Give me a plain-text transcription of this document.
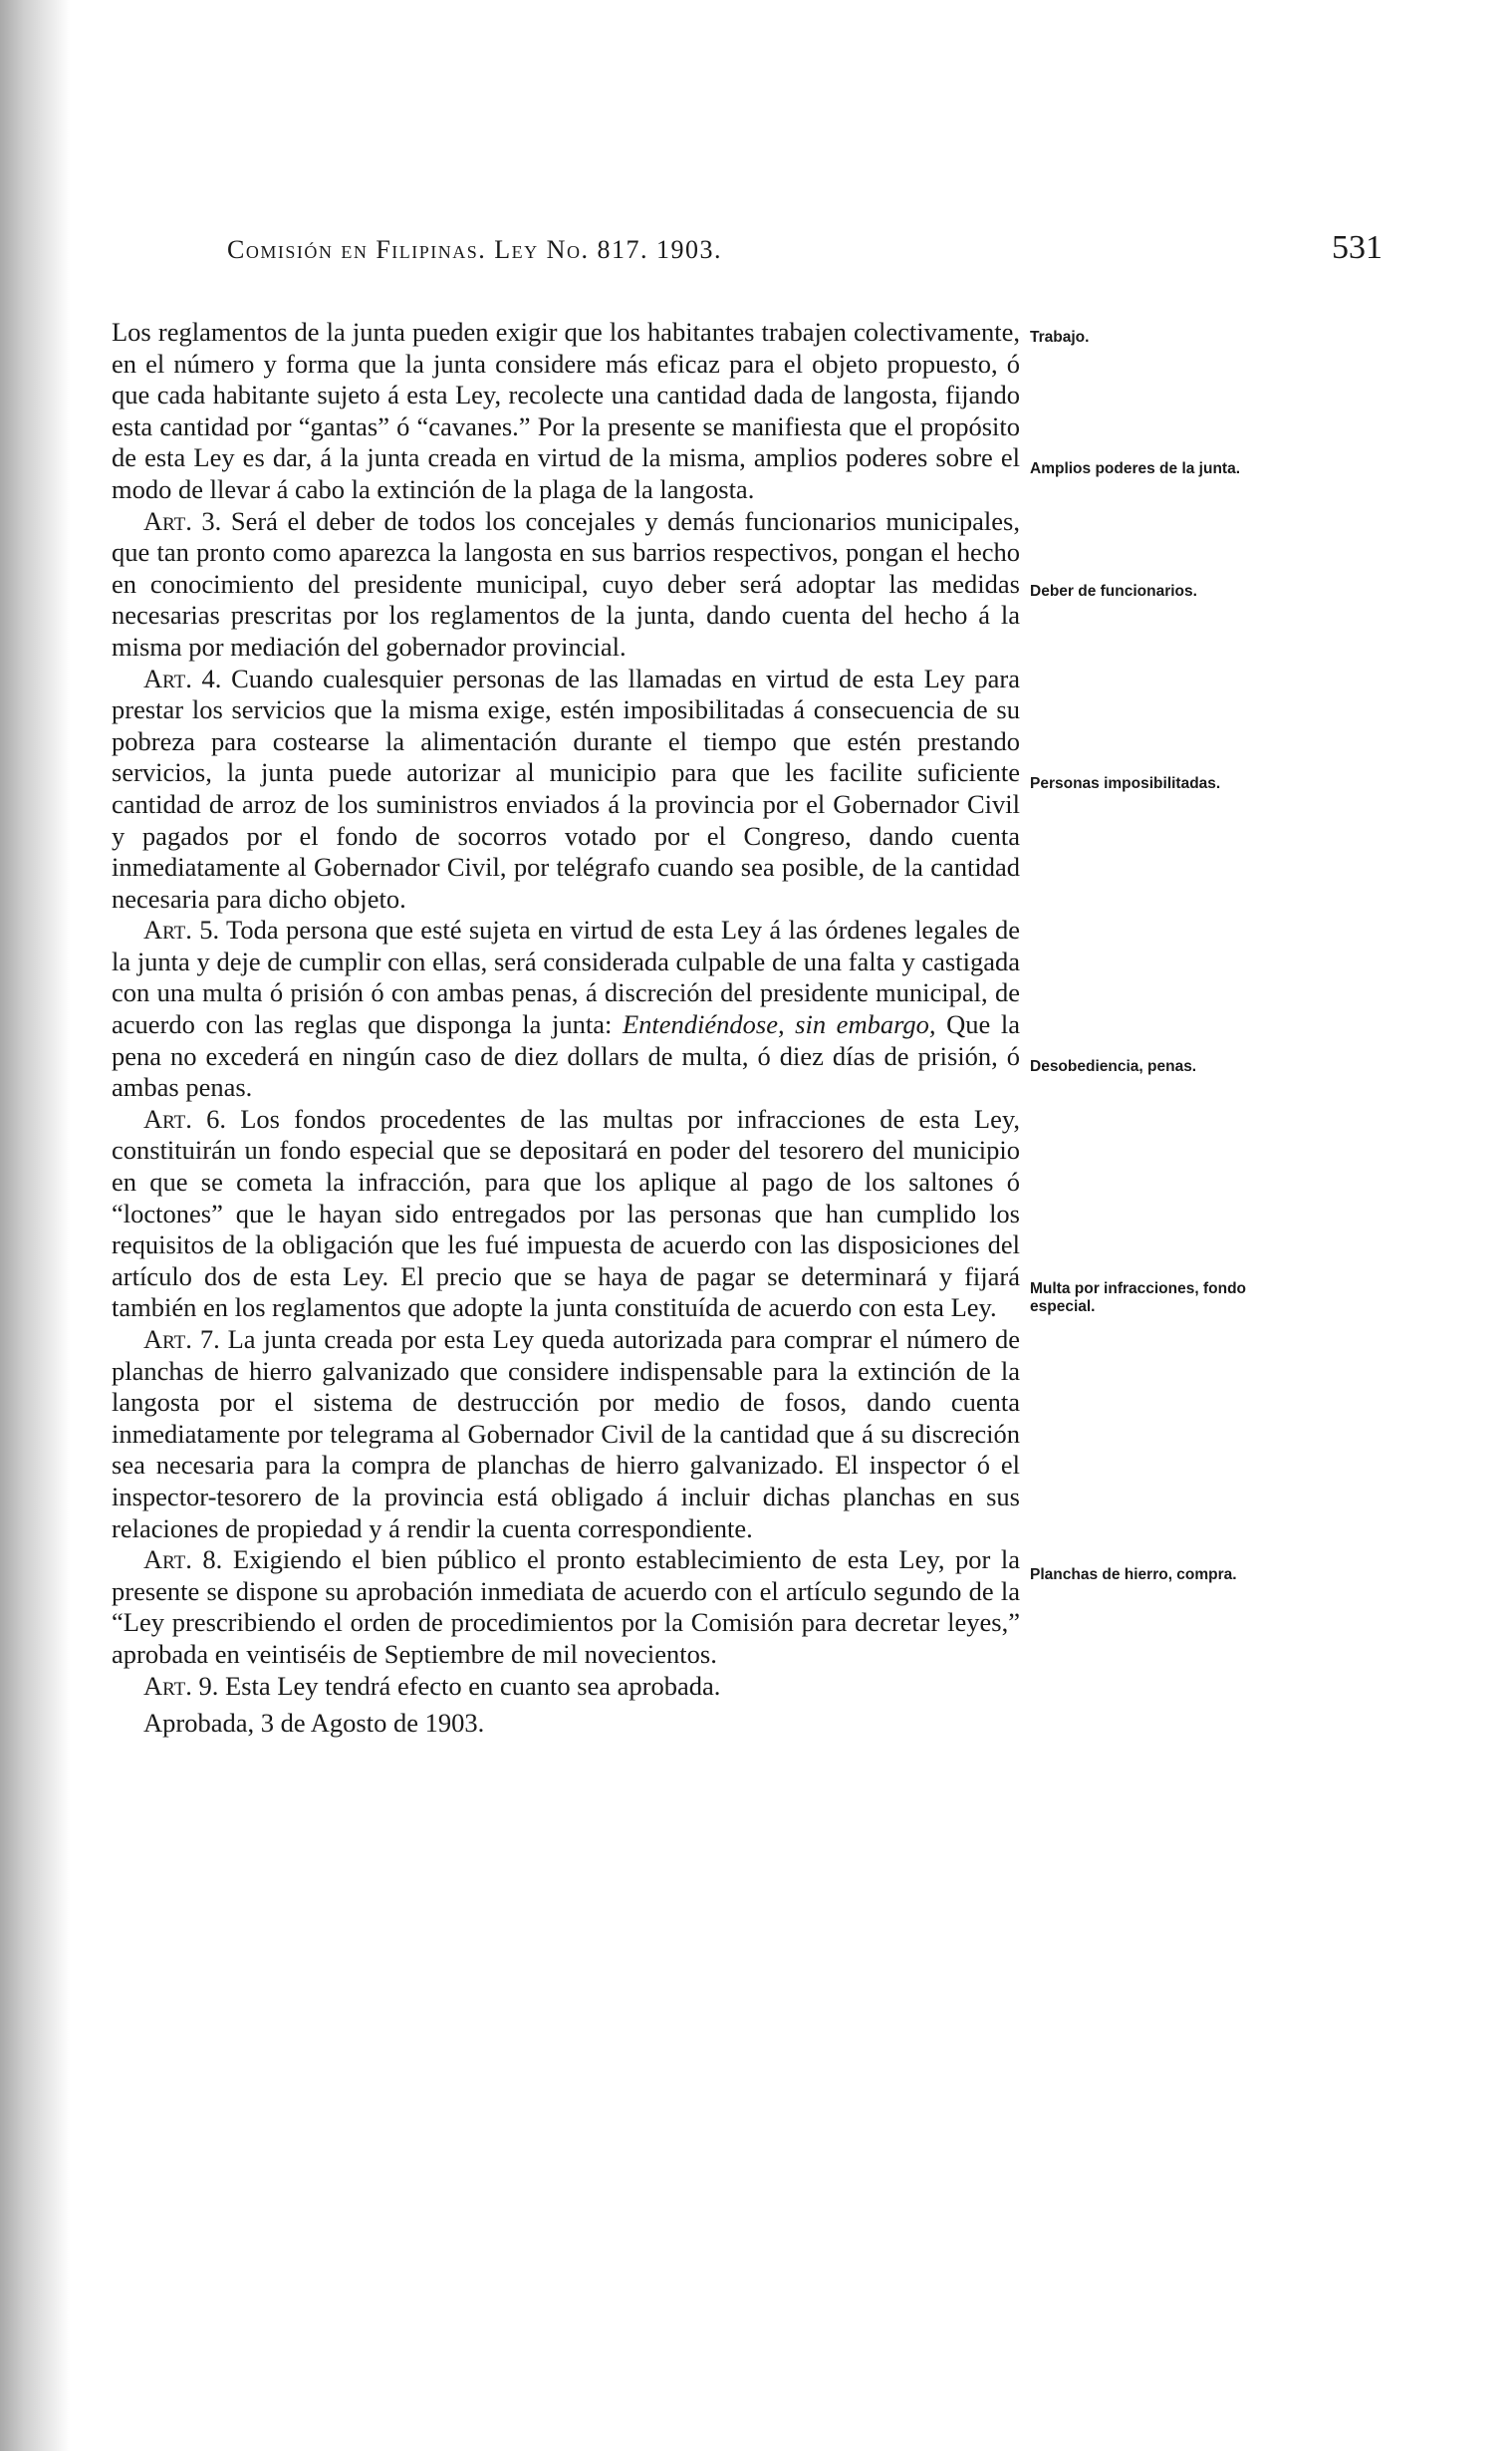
Comisión en Filipinas. Ley No. 817. 1903.	531

Los reglamentos de la junta pueden exigir que los habitantes trabajen colectivamente, en el número y forma que la junta considere más eficaz para el objeto propuesto, ó que cada habitante sujeto á esta Ley, recolecte una cantidad dada de langosta, fijando esta cantidad por “gantas” ó “cavanes.” Por la presente se manifiesta que el propósito de esta Ley es dar, á la junta creada en virtud de la misma, amplios poderes sobre el modo de llevar á cabo la extinción de la plaga de la langosta.

Art. 3. Será el deber de todos los concejales y demás funcionarios municipales, que tan pronto como aparezca la langosta en sus barrios respectivos, pongan el hecho en conocimiento del presidente municipal, cuyo deber será adoptar las medidas necesarias prescritas por los reglamentos de la junta, dando cuenta del hecho á la misma por mediación del gobernador provincial.

Art. 4. Cuando cualesquier personas de las llamadas en virtud de esta Ley para prestar los servicios que la misma exige, estén imposibilitadas á consecuencia de su pobreza para costearse la alimentación durante el tiempo que estén prestando servicios, la junta puede autorizar al municipio para que les facilite suficiente cantidad de arroz de los suministros enviados á la provincia por el Gobernador Civil y pagados por el fondo de socorros votado por el Congreso, dando cuenta inmediatamente al Gobernador Civil, por telégrafo cuando sea posible, de la cantidad necesaria para dicho objeto.

Art. 5. Toda persona que esté sujeta en virtud de esta Ley á las órdenes legales de la junta y deje de cumplir con ellas, será considerada culpable de una falta y castigada con una multa ó prisión ó con ambas penas, á discreción del presidente municipal, de acuerdo con las reglas que disponga la junta: Entendiéndose, sin embargo, Que la pena no excederá en ningún caso de diez dollars de multa, ó diez días de prisión, ó ambas penas.

Art. 6. Los fondos procedentes de las multas por infracciones de esta Ley, constituirán un fondo especial que se depositará en poder del tesorero del municipio en que se cometa la infracción, para que los aplique al pago de los saltones ó “loctones” que le hayan sido entregados por las personas que han cumplido los requisitos de la obligación que les fué impuesta de acuerdo con las disposiciones del artículo dos de esta Ley. El precio que se haya de pagar se determinará y fijará también en los reglamentos que adopte la junta constituída de acuerdo con esta Ley.

Art. 7. La junta creada por esta Ley queda autorizada para comprar el número de planchas de hierro galvanizado que considere indispensable para la extinción de la langosta por el sistema de destrucción por medio de fosos, dando cuenta inmediatamente por telegrama al Gobernador Civil de la cantidad que á su discreción sea necesaria para la compra de planchas de hierro galvanizado. El inspector ó el inspector-tesorero de la provincia está obligado á incluir dichas planchas en sus relaciones de propiedad y á rendir la cuenta correspondiente.

Art. 8. Exigiendo el bien público el pronto establecimiento de esta Ley, por la presente se dispone su aprobación inmediata de acuerdo con el artículo segundo de la “Ley prescribiendo el orden de procedimientos por la Comisión para decretar leyes,” aprobada en veintiséis de Septiembre de mil novecientos.

Art. 9. Esta Ley tendrá efecto en cuanto sea aprobada.

Aprobada, 3 de Agosto de 1903.

Trabajo.
Amplios poderes de la junta.
Deber de funcionarios.
Personas imposibilitadas.
Desobediencia, penas.
Multa por infracciones, fondo especial.
Planchas de hierro, compra.
